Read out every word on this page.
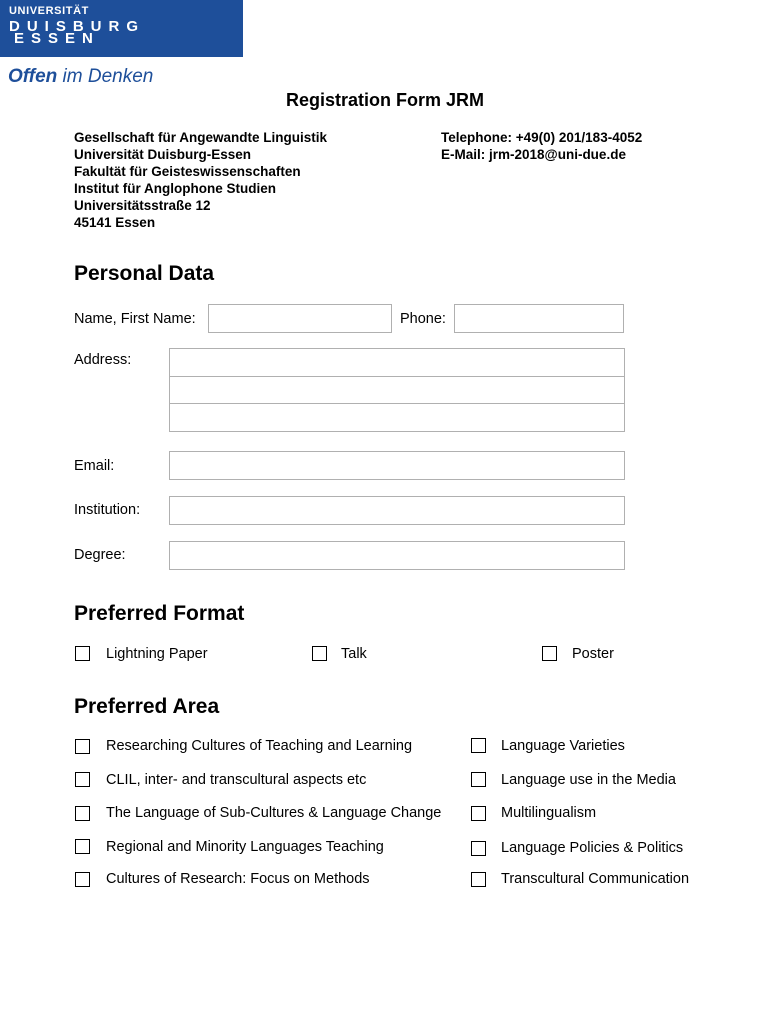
UNIVERSITÄT
DUISBURG
ESSEN
Offen im Denken
Registration Form JRM
Gesellschaft für Angewandte Linguistik
Universität Duisburg-Essen
Fakultät für Geisteswissenschaften
Institut für Anglophone Studien
Universitätsstraße 12
45141 Essen
Telephone: +49(0) 201/183-4052
E-Mail: jrm-2018@uni-due.de
Personal Data
Name, First Name:	Phone:
Address:
Email:
Institution:
Degree:
Preferred Format
Lightning Paper	Talk	Poster
Preferred Area
Researching Cultures of Teaching and Learning
CLIL, inter- and transcultural aspects etc
The Language of Sub-Cultures & Language Change
Regional and Minority Languages Teaching
Cultures of Research: Focus on Methods
Language Varieties
Language use in the Media
Multilingualism
Language Policies & Politics
Transcultural Communication
